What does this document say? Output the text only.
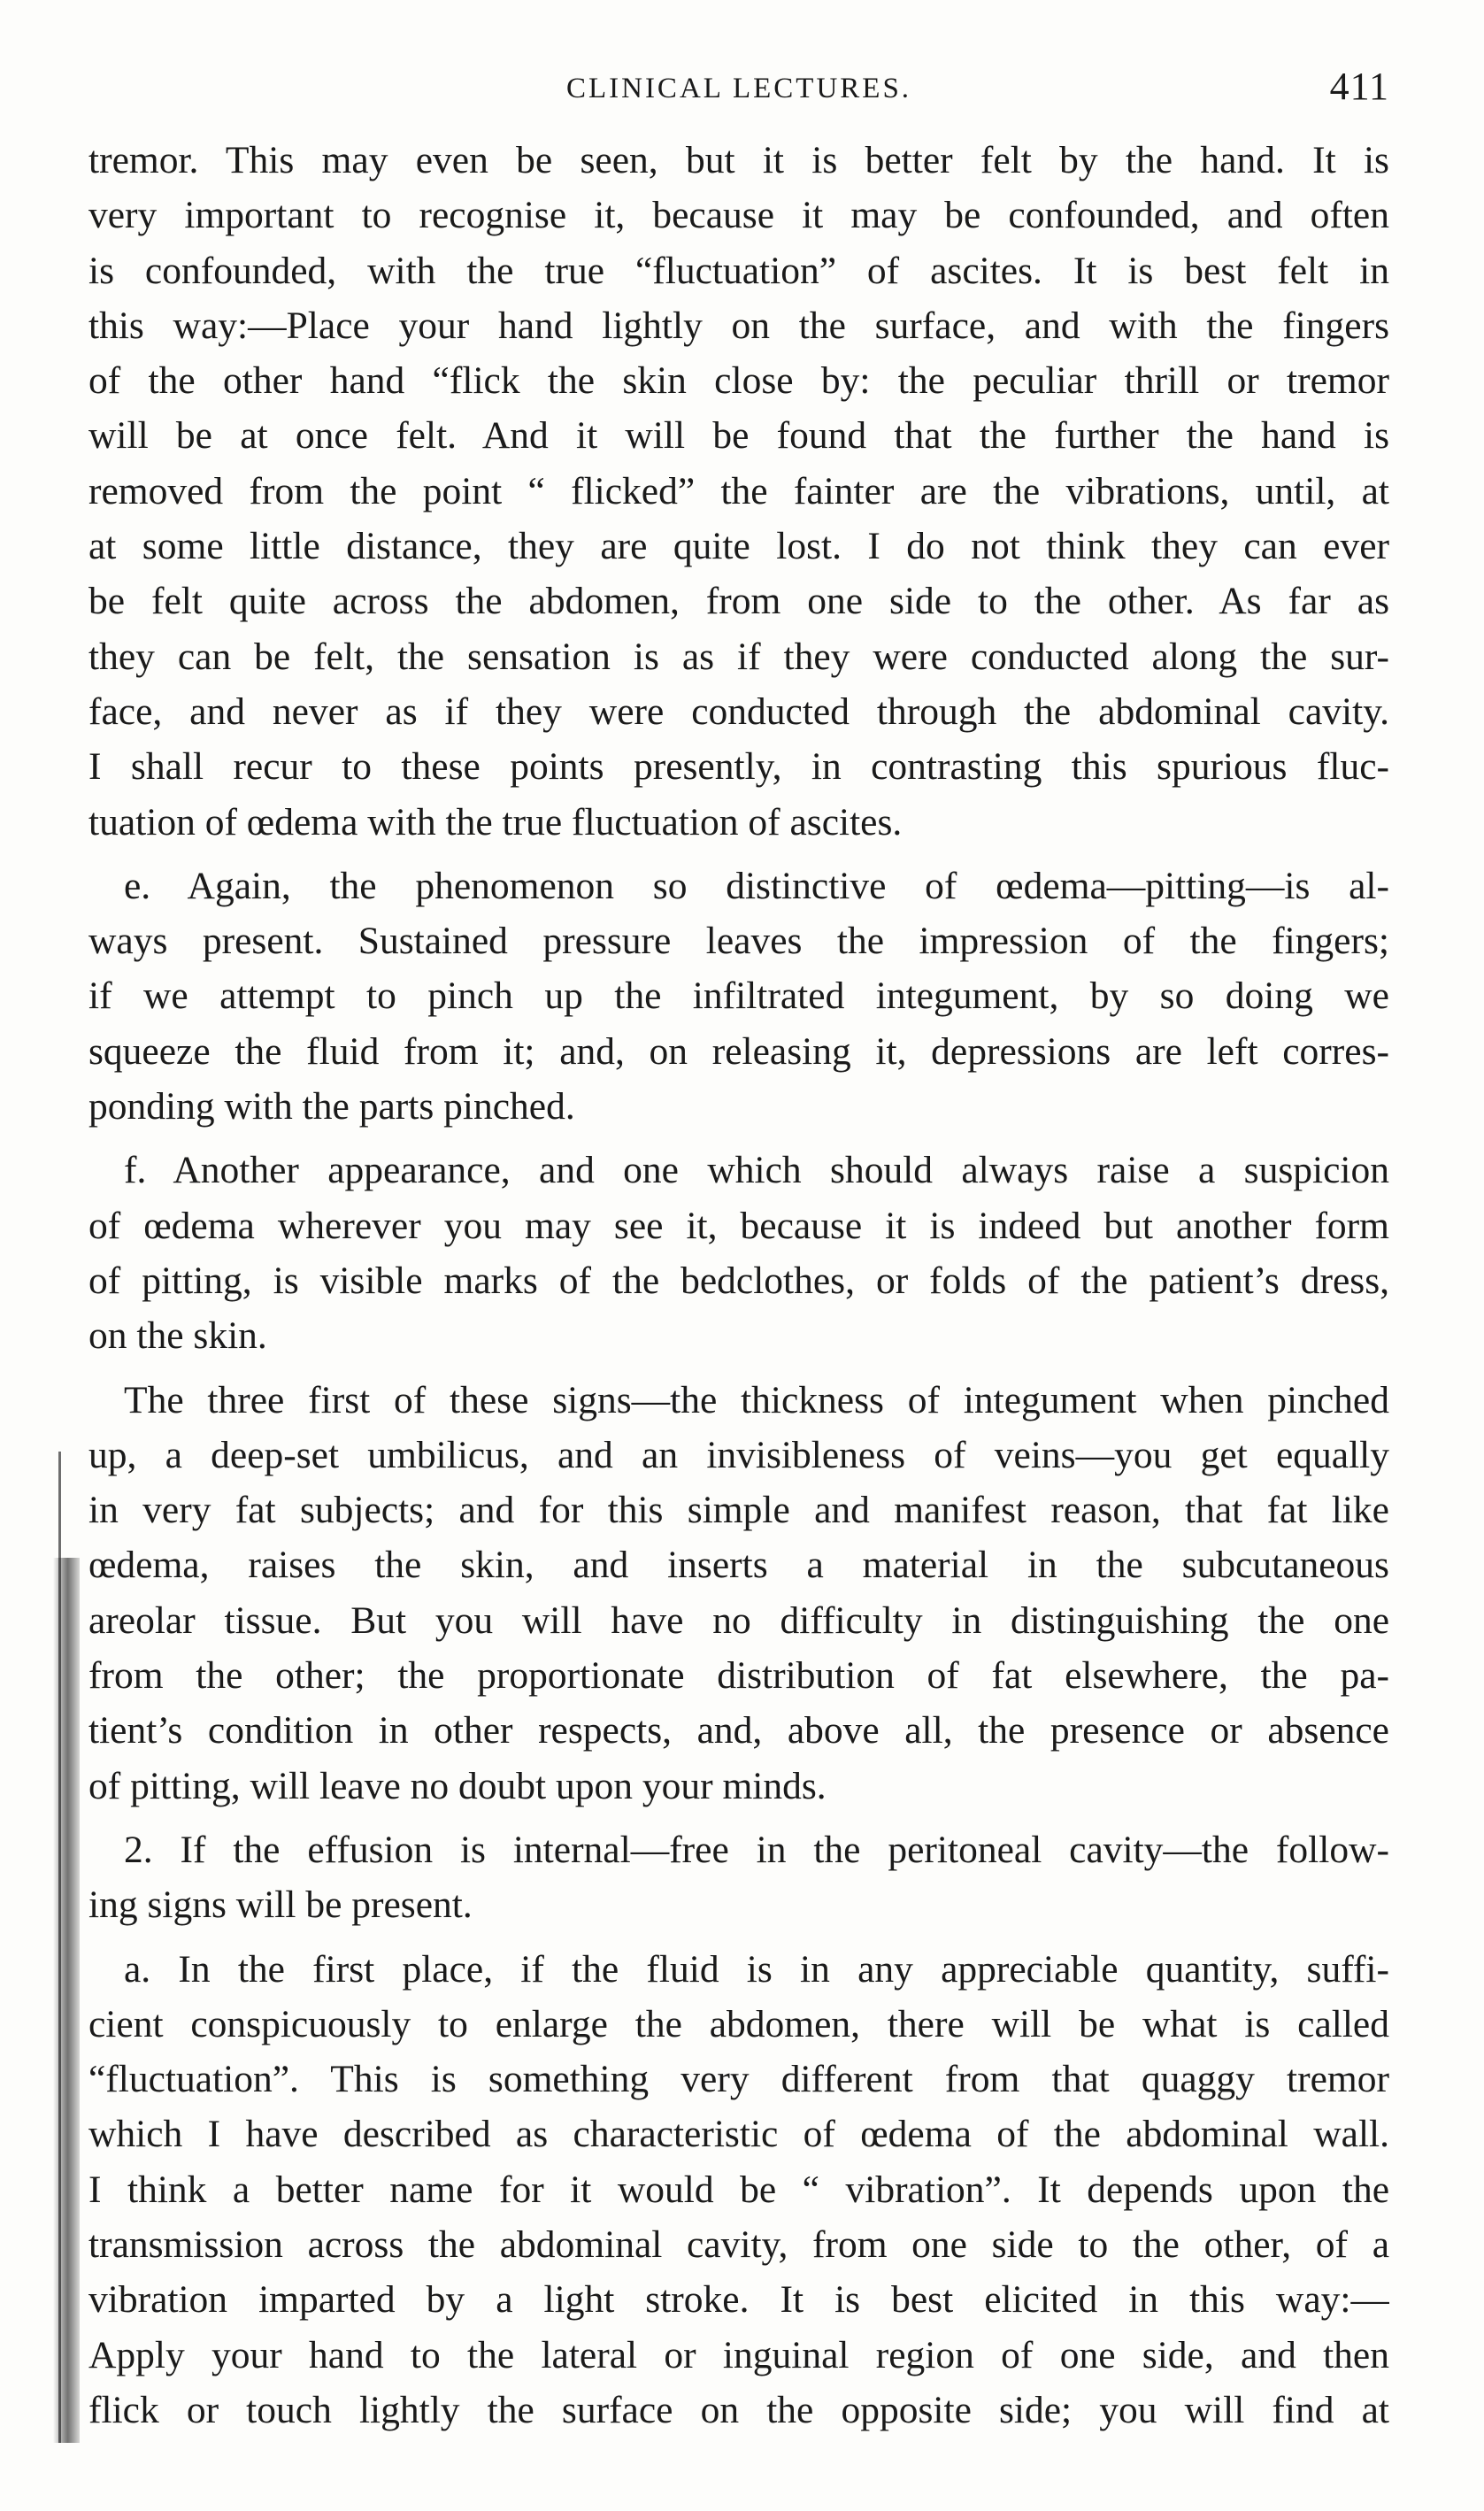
CLINICAL LECTURES.	411
tremor. This may even be seen, but it is better felt by the hand. It is
very important to recognise it, because it may be confounded, and often
is confounded, with the true “fluctuation” of ascites. It is best felt in
this way:—Place your hand lightly on the surface, and with the fingers
of the other hand “flick the skin close by: the peculiar thrill or tremor
will be at once felt. And it will be found that the further the hand is
removed from the point “ flicked” the fainter are the vibrations, until, at
at some little distance, they are quite lost. I do not think they can ever
be felt quite across the abdomen, from one side to the other. As far as
they can be felt, the sensation is as if they were conducted along the sur-
face, and never as if they were conducted through the abdominal cavity.
I shall recur to these points presently, in contrasting this spurious fluc-
tuation of œdema with the true fluctuation of ascites.
e. Again, the phenomenon so distinctive of œdema—pitting—is al-
ways present. Sustained pressure leaves the impression of the fingers;
if we attempt to pinch up the infiltrated integument, by so doing we
squeeze the fluid from it; and, on releasing it, depressions are left corres-
ponding with the parts pinched.
f. Another appearance, and one which should always raise a suspicion
of œdema wherever you may see it, because it is indeed but another form
of pitting, is visible marks of the bedclothes, or folds of the patient’s dress,
on the skin.
The three first of these signs—the thickness of integument when pinched
up, a deep-set umbilicus, and an invisibleness of veins—you get equally
in very fat subjects; and for this simple and manifest reason, that fat like
œdema, raises the skin, and inserts a material in the subcutaneous
areolar tissue. But you will have no difficulty in distinguishing the one
from the other; the proportionate distribution of fat elsewhere, the pa-
tient’s condition in other respects, and, above all, the presence or absence
of pitting, will leave no doubt upon your minds.
2. If the effusion is internal—free in the peritoneal cavity—the follow-
ing signs will be present.
a. In the first place, if the fluid is in any appreciable quantity, suffi-
cient conspicuously to enlarge the abdomen, there will be what is called
“fluctuation”. This is something very different from that quaggy tremor
which I have described as characteristic of œdema of the abdominal wall.
I think a better name for it would be “ vibration”. It depends upon the
transmission across the abdominal cavity, from one side to the other, of a
vibration imparted by a light stroke. It is best elicited in this way:—
Apply your hand to the lateral or inguinal region of one side, and then
flick or touch lightly the surface on the opposite side; you will find at
